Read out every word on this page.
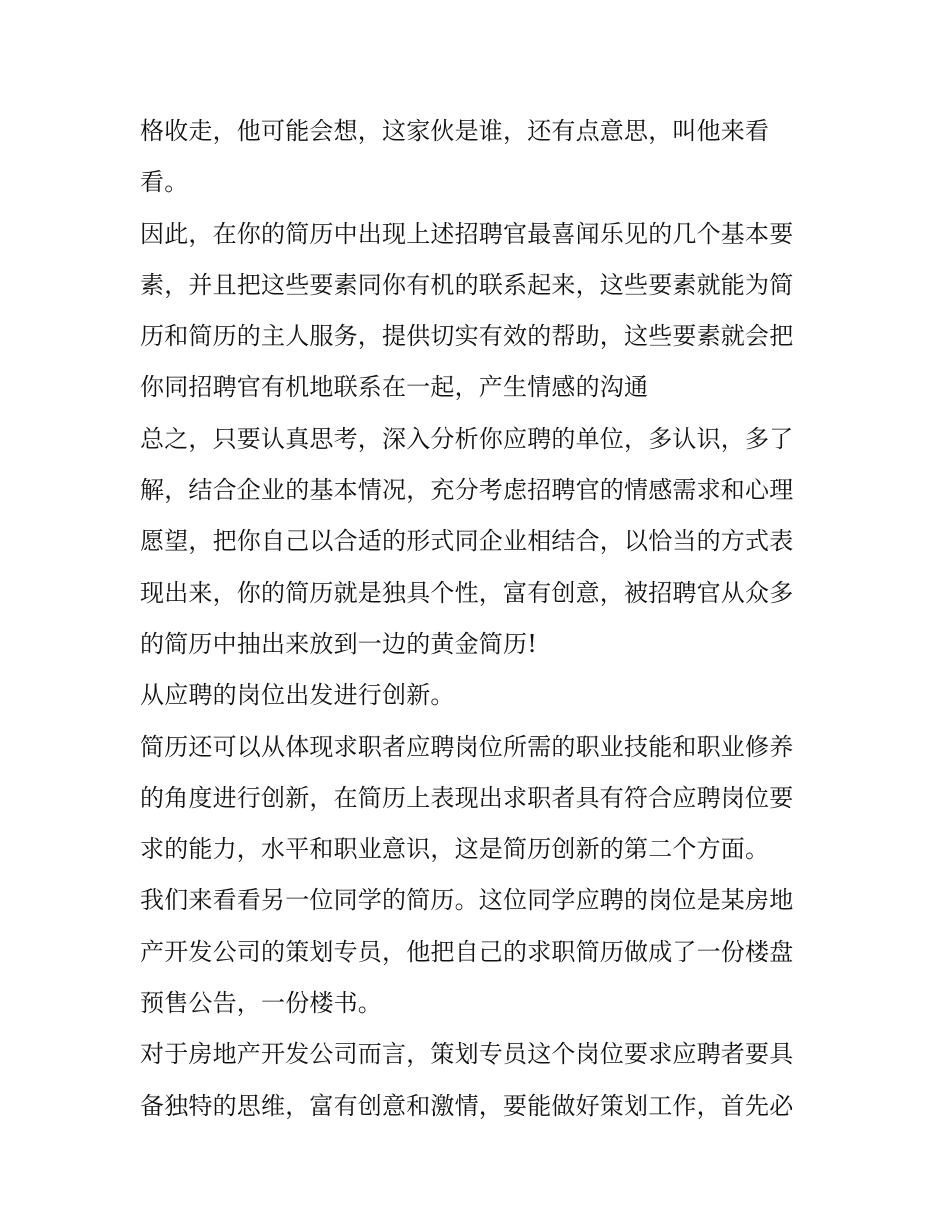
格收走，他可能会想，这家伙是谁，还有点意思，叫他来看
看。
因此，在你的简历中出现上述招聘官最喜闻乐见的几个基本要
素，并且把这些要素同你有机的联系起来，这些要素就能为简
历和简历的主人服务，提供切实有效的帮助，这些要素就会把
你同招聘官有机地联系在一起，产生情感的沟通
总之，只要认真思考，深入分析你应聘的单位，多认识，多了
解，结合企业的基本情况，充分考虑招聘官的情感需求和心理
愿望，把你自己以合适的形式同企业相结合，以恰当的方式表
现出来，你的简历就是独具个性，富有创意，被招聘官从众多
的简历中抽出来放到一边的黄金简历!
从应聘的岗位出发进行创新。
简历还可以从体现求职者应聘岗位所需的职业技能和职业修养
的角度进行创新，在简历上表现出求职者具有符合应聘岗位要
求的能力，水平和职业意识，这是简历创新的第二个方面。
我们来看看另一位同学的简历。这位同学应聘的岗位是某房地
产开发公司的策划专员，他把自己的求职简历做成了一份楼盘
预售公告，一份楼书。
对于房地产开发公司而言，策划专员这个岗位要求应聘者要具
备独特的思维，富有创意和激情，要能做好策划工作，首先必
